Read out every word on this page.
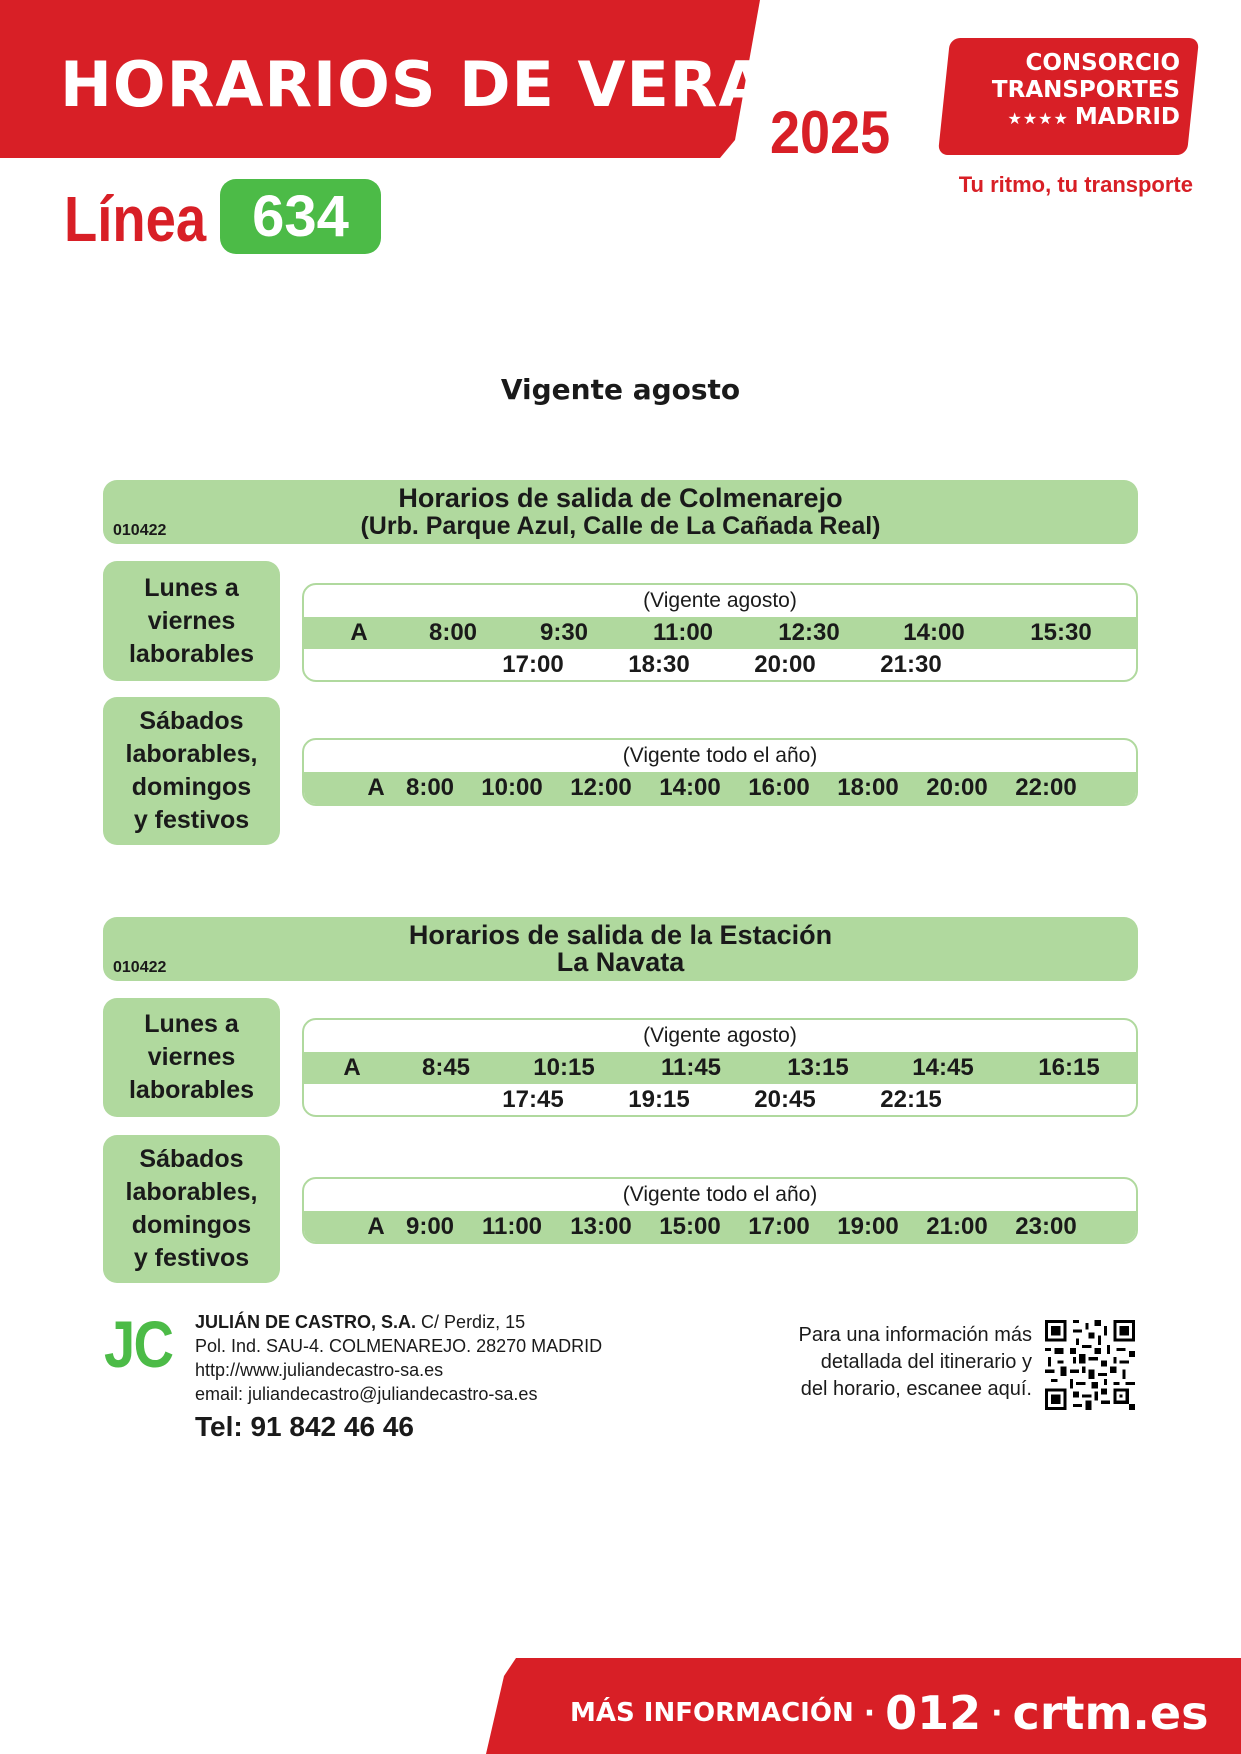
HORARIOS DE VERANO
2025
CONSORCIO
TRANSPORTES
★★★★ MADRID
Tu ritmo, tu transporte
Línea 634
Vigente agosto
Horarios de salida de Colmenarejo
(Urb. Parque Azul, Calle de La Cañada Real)
010422
Lunes a
viernes
laborables
(Vigente agosto)
A	8:00	9:30	11:00	12:30	14:00	15:30
17:00	18:30	20:00	21:30
Sábados
laborables,
domingos
y festivos
(Vigente todo el año)
A 8:00 10:00 12:00 14:00 16:00 18:00 20:00 22:00
Horarios de salida de la Estación
La Navata
010422
Lunes a
viernes
laborables
(Vigente agosto)
A	8:45	10:15	11:45	13:15	14:45	16:15
17:45	19:15	20:45	22:15
Sábados
laborables,
domingos
y festivos
(Vigente todo el año)
A 9:00 11:00 13:00 15:00 17:00 19:00 21:00 23:00
JC JULIÁN DE CASTRO, S.A. C/ Perdiz, 15
Pol. Ind. SAU-4. COLMENAREJO. 28270 MADRID
http://www.juliandecastro-sa.es
email: juliandecastro@juliandecastro-sa.es
Tel: 91 842 46 46
Para una información más
detallada del itinerario y
del horario, escanee aquí.
MÁS INFORMACIÓN · 012 · crtm.es
